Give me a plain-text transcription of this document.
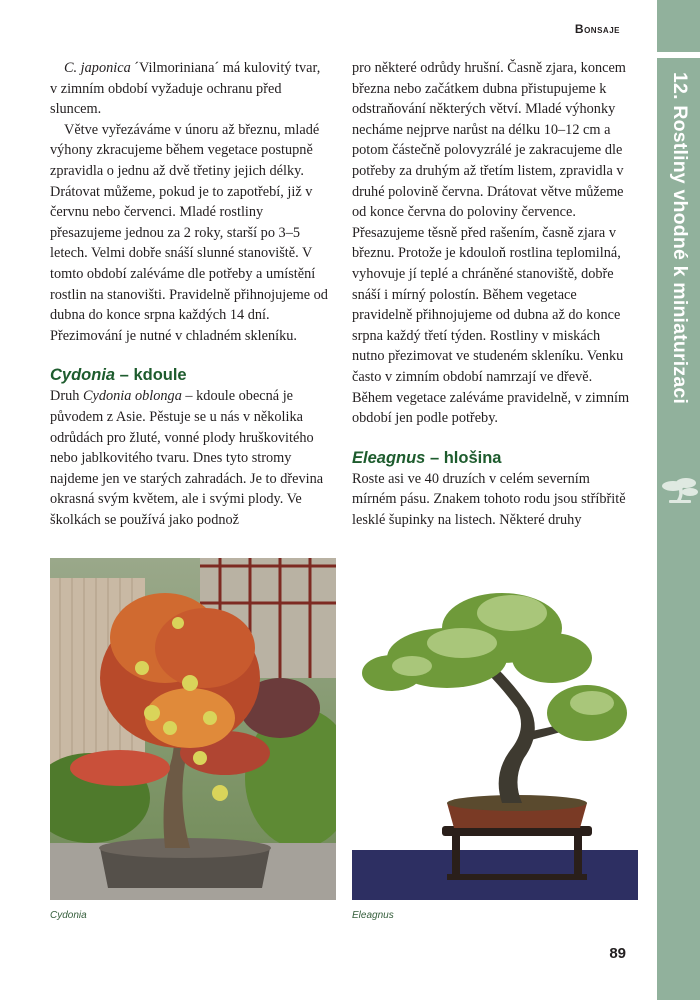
Bonsaje
12. Rostliny vhodné k miniaturizaci

C. japonica ´Vilmoriniana´ má kulovitý tvar, v zimním období vyžaduje ochranu před sluncem.

Větve vyřezáváme v únoru až březnu, mladé výhony zkracujeme během vegetace postupně zpravidla o jednu až dvě třetiny jejich délky. Drátovat můžeme, pokud je to zapotřebí, již v červnu nebo červenci. Mladé rostliny přesazujeme jednou za 2 roky, starší po 3–5 letech. Velmi dobře snáší slunné stanoviště. V tomto období zaléváme dle potřeby a umístění rostlin na stanovišti. Pravidelně přihnojujeme od dubna do konce srpna každých 14 dní. Přezimování je nutné v chladném skleníku.

Cydonia – kdoule

Druh Cydonia oblonga – kdoule obecná je původem z Asie. Pěstuje se u nás v několika odrůdách pro žluté, vonné plody hruškovitého nebo jablkovitého tvaru. Dnes tyto stromy najdeme jen ve starých zahradách. Je to dřevina okrasná svým květem, ale i svými plody. Ve školkách se používá jako podnož

pro některé odrůdy hrušní. Časně zjara, koncem března nebo začátkem dubna přistupujeme k odstraňování některých větví. Mladé výhonky necháme nejprve narůst na délku 10–12 cm a potom částečně polovyzrálé je zakracujeme dle potřeby za druhým až třetím listem, zpravidla v druhé polovině června. Drátovat větve můžeme od konce června do poloviny července. Přesazujeme těsně před rašením, časně zjara v březnu. Protože je kdouloň rostlina teplomilná, vyhovuje jí teplé a chráněné stanoviště, dobře snáší i mírný polostín. Během vegetace pravidelně přihnojujeme od dubna až do konce srpna každý třetí týden. Rostliny v miskách nutno přezimovat ve studeném skleníku. Venku často v zimním období namrzají ve dřevě. Během vegetace zaléváme pravidelně, v zimním období jen podle potřeby.

Eleagnus – hlošina

Roste asi ve 40 druzích v celém severním mírném pásu. Znakem tohoto rodu jsou stříbřitě lesklé šupinky na listech. Některé druhy

Cydonia	Eleagnus
89
